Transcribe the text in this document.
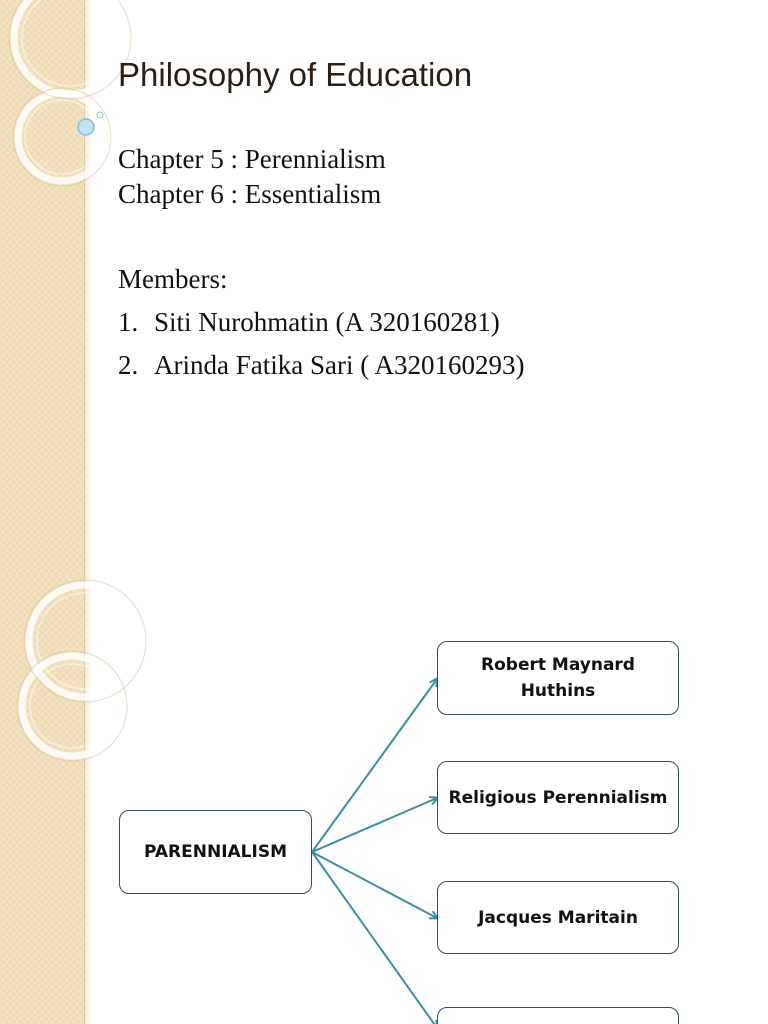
Philosophy of Education
Chapter 5 : Perennialism
Chapter 6 : Essentialism
Members:
1. Siti Nurohmatin (A 320160281)
2. Arinda Fatika Sari ( A320160293)
PARENNIALISM
Robert Maynard Huthins
Religious Perennialism
Jacques Maritain
